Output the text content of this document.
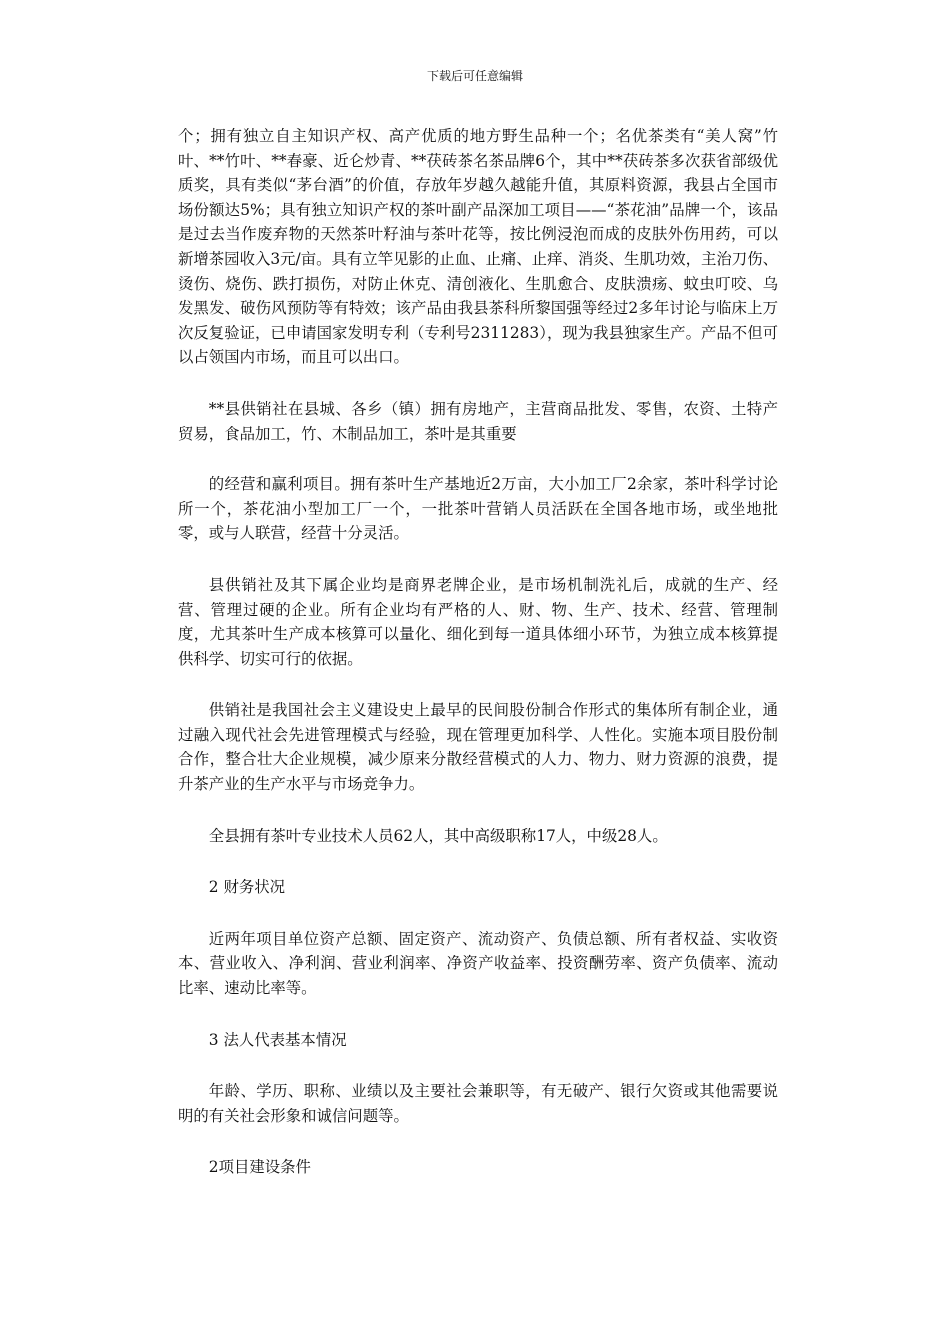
下载后可任意编辑

个；拥有独立自主知识产权、高产优质的地方野生品种一个；名优茶类有“美人窝”竹叶、**竹叶、**春豪、近仑炒青、**茯砖茶名茶品牌6个，其中**茯砖茶多次获省部级优质奖，具有类似“茅台酒”的价值，存放年岁越久越能升值，其原料资源，我县占全国市场份额达5%；具有独立知识产权的茶叶副产品深加工项目——“茶花油”品牌一个，该品是过去当作废弃物的天然茶叶籽油与茶叶花等，按比例浸泡而成的皮肤外伤用药，可以新增茶园收入3元/亩。具有立竿见影的止血、止痛、止痒、消炎、生肌功效，主治刀伤、烫伤、烧伤、跌打损伤，对防止休克、清创液化、生肌愈合、皮肤溃疡、蚊虫叮咬、乌发黑发、破伤风预防等有特效；该产品由我县茶科所黎国强等经过2多年讨论与临床上万次反复验证，已申请国家发明专利（专利号2311283），现为我县独家生产。产品不但可以占领国内市场，而且可以出口。

**县供销社在县城、各乡（镇）拥有房地产，主营商品批发、零售，农资、土特产贸易，食品加工，竹、木制品加工，茶叶是其重要

的经营和赢利项目。拥有茶叶生产基地近2万亩，大小加工厂2余家，茶叶科学讨论所一个，茶花油小型加工厂一个，一批茶叶营销人员活跃在全国各地市场，或坐地批零，或与人联营，经营十分灵活。

县供销社及其下属企业均是商界老牌企业，是市场机制洗礼后，成就的生产、经营、管理过硬的企业。所有企业均有严格的人、财、物、生产、技术、经营、管理制度，尤其茶叶生产成本核算可以量化、细化到每一道具体细小环节，为独立成本核算提供科学、切实可行的依据。

供销社是我国社会主义建设史上最早的民间股份制合作形式的集体所有制企业，通过融入现代社会先进管理模式与经验，现在管理更加科学、人性化。实施本项目股份制合作，整合壮大企业规模，减少原来分散经营模式的人力、物力、财力资源的浪费，提升茶产业的生产水平与市场竞争力。

全县拥有茶叶专业技术人员62人，其中高级职称17人，中级28人。

2 财务状况

近两年项目单位资产总额、固定资产、流动资产、负债总额、所有者权益、实收资本、营业收入、净利润、营业利润率、净资产收益率、投资酬劳率、资产负债率、流动比率、速动比率等。

3 法人代表基本情况

年龄、学历、职称、业绩以及主要社会兼职等，有无破产、银行欠资或其他需要说明的有关社会形象和诚信问题等。

2项目建设条件
